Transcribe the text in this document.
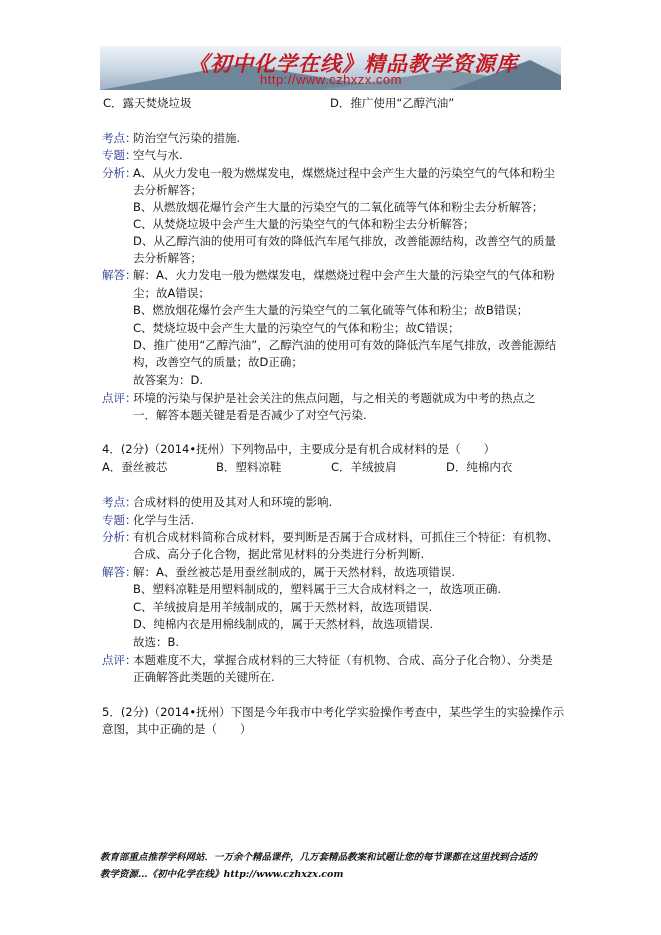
《初中化学在线》精品教学资源库
http://www.czhxzx.com
C．露天焚烧垃圾	D．推广使用“乙醇汽油”
考点：
防治空气污染的措施.
专题：
空气与水.
分析：
A、从火力发电一般为燃煤发电，煤燃烧过程中会产生大量的污染空气的气体和粉尘
去分析解答；
B、从燃放烟花爆竹会产生大量的污染空气的二氧化硫等气体和粉尘去分析解答；
C、从焚烧垃圾中会产生大量的污染空气的气体和粉尘去分析解答；
D、从乙醇汽油的使用可有效的降低汽车尾气排放，改善能源结构，改善空气的质量
去分析解答；
解答：
解：A、火力发电一般为燃煤发电，煤燃烧过程中会产生大量的污染空气的气体和粉
尘；故A错误；
B、燃放烟花爆竹会产生大量的污染空气的二氧化硫等气体和粉尘；故B错误；
C、焚烧垃圾中会产生大量的污染空气的气体和粉尘；故C错误；
D、推广使用“乙醇汽油”，乙醇汽油的使用可有效的降低汽车尾气排放，改善能源结
构，改善空气的质量；故D正确；
故答案为：D.
点评：
环境的污染与保护是社会关注的焦点问题，与之相关的考题就成为中考的热点之
一．解答本题关键是看是否减少了对空气污染.
4．(2分)（2014•抚州）下列物品中，主要成分是有机合成材料的是（　　）
A．蚕丝被芯	B．塑料凉鞋	C．羊绒披肩	D．纯棉内衣
考点：
合成材料的使用及其对人和环境的影响.
专题：
化学与生活.
分析：
有机合成材料简称合成材料，要判断是否属于合成材料，可抓住三个特征：有机物、
合成、高分子化合物，据此常见材料的分类进行分析判断.
解答：
解：A、蚕丝被芯是用蚕丝制成的，属于天然材料，故选项错误.
B、塑料凉鞋是用塑料制成的，塑料属于三大合成材料之一，故选项正确.
C、羊绒披肩是用羊绒制成的，属于天然材料，故选项错误.
D、纯棉内衣是用棉线制成的，属于天然材料，故选项错误.
故选：B.
点评：
本题难度不大，掌握合成材料的三大特征（有机物、合成、高分子化合物）、分类是
正确解答此类题的关键所在.
5．(2分)（2014•抚州）下图是今年我市中考化学实验操作考查中，某些学生的实验操作示
意图，其中正确的是（　　）
教育部重点推荐学科网站．一万余个精品课件，几万套精品教案和试题让您的每节课都在这里找到合适的
教学资源…《初中化学在线》http://www.czhxzx.com
